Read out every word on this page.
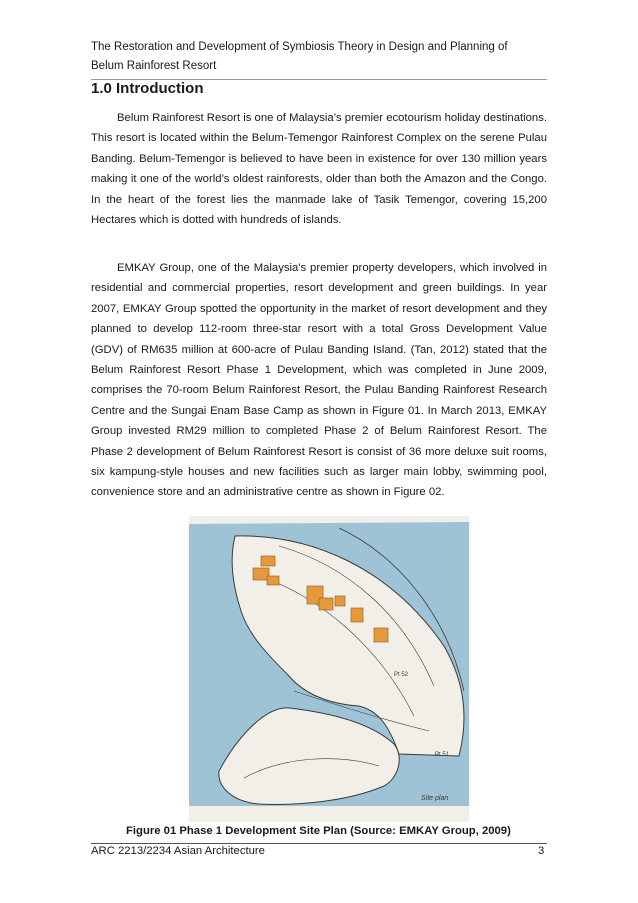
The Restoration and Development of Symbiosis Theory in Design and Planning of
Belum Rainforest Resort
1.0 Introduction

Belum Rainforest Resort is one of Malaysia’s premier ecotourism holiday destinations. This resort is located within the Belum-Temengor Rainforest Complex on the serene Pulau Banding. Belum-Temengor is believed to have been in existence for over 130 million years making it one of the world’s oldest rainforests, older than both the Amazon and the Congo. In the heart of the forest lies the manmade lake of Tasik Temengor, covering 15,200 Hectares which is dotted with hundreds of islands.

EMKAY Group, one of the Malaysia's premier property developers, which involved in residential and commercial properties, resort development and green buildings. In year 2007, EMKAY Group spotted the opportunity in the market of resort development and they planned to develop 112-room three-star resort with a total Gross Development Value (GDV) of RM635 million at 600-acre of Pulau Banding Island. (Tan, 2012) stated that the Belum Rainforest Resort Phase 1 Development, which was completed in June 2009, comprises the 70-room Belum Rainforest Resort, the Pulau Banding Rainforest Research Centre and the Sungai Enam Base Camp as shown in Figure 01. In March 2013, EMKAY Group invested RM29 million to completed Phase 2 of Belum Rainforest Resort. The Phase 2 development of Belum Rainforest Resort is consist of 36 more deluxe suit rooms, six kampung-style houses and new facilities such as larger main lobby, swimming pool, convenience store and an administrative centre as shown in Figure 02.

Pt 52
Pt 51
Site plan
Figure 01 Phase 1 Development Site Plan (Source: EMKAY Group, 2009)
ARC 2213/2234 Asian Architecture	3
